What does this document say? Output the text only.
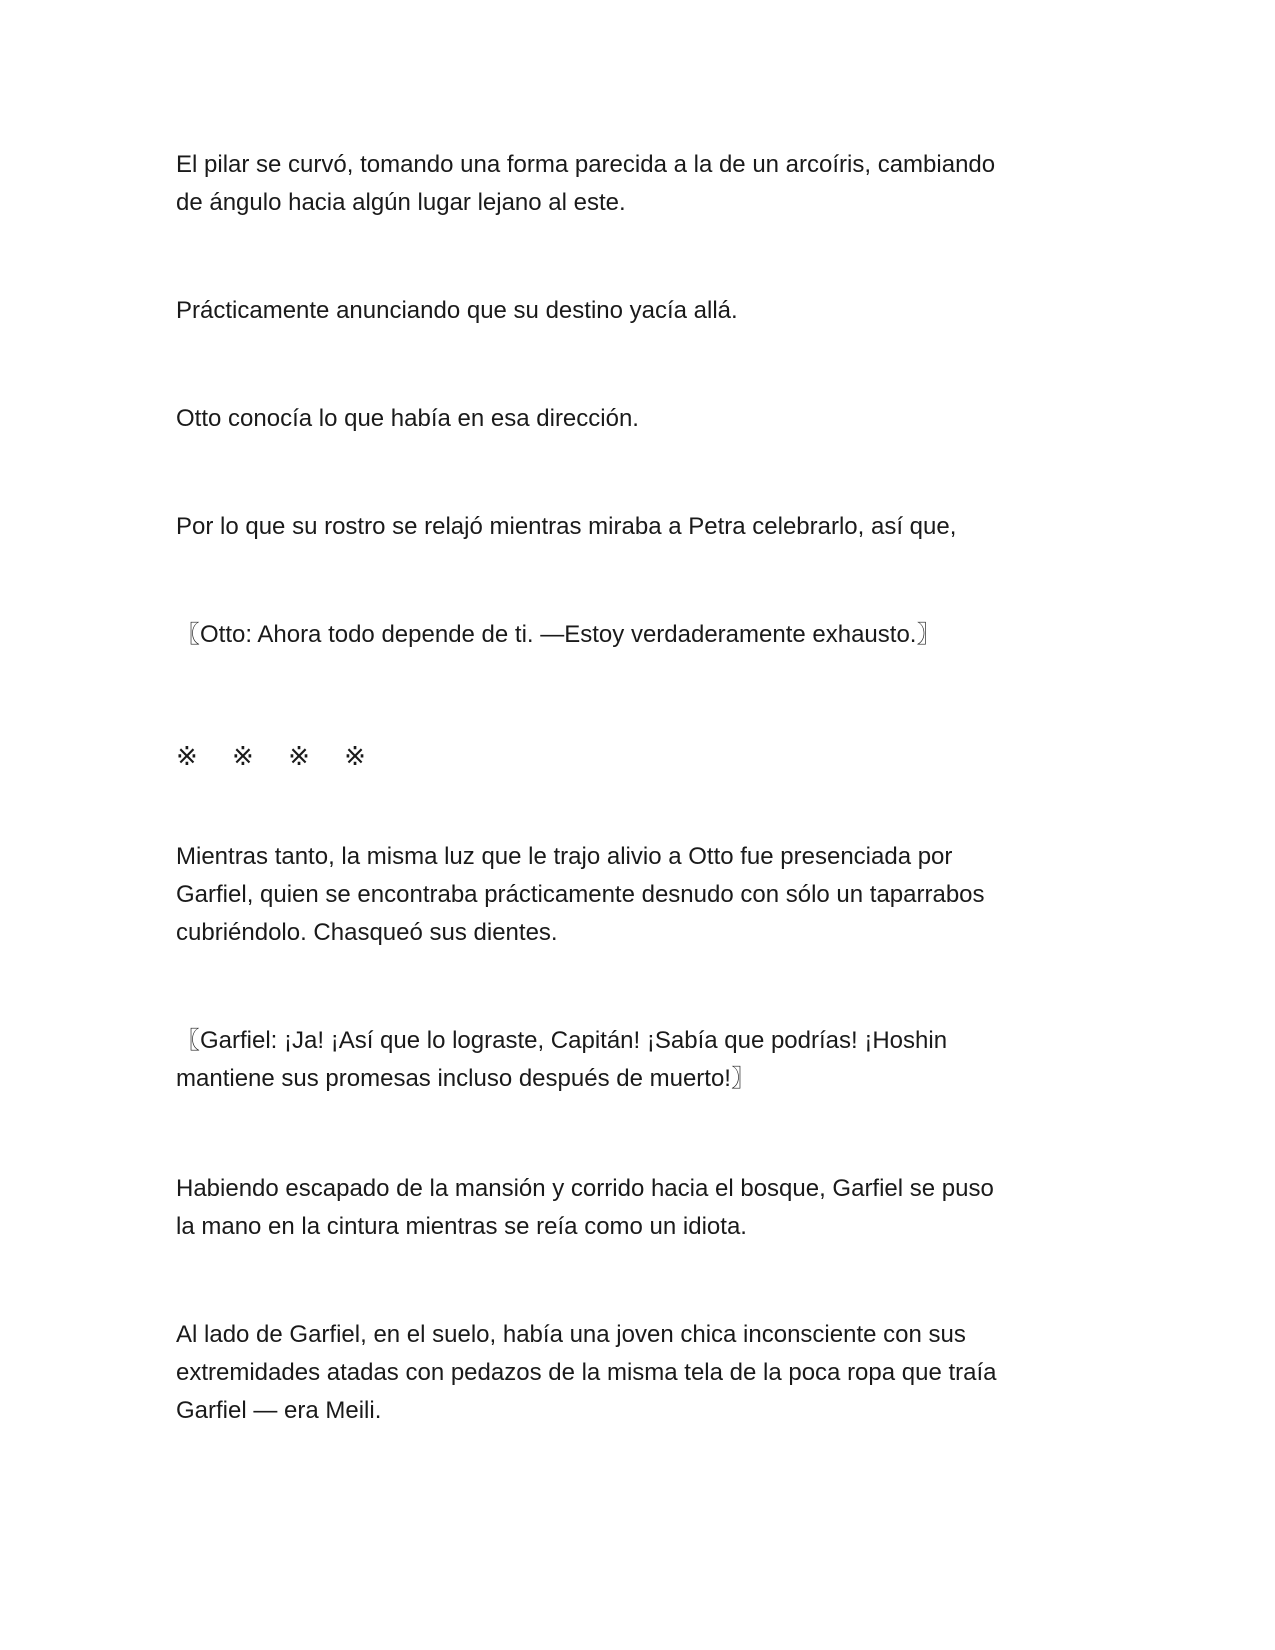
El pilar se curvó, tomando una forma parecida a la de un arcoíris, cambiando
de ángulo hacia algún lugar lejano al este.

Prácticamente anunciando que su destino yacía allá.

Otto conocía lo que había en esa dirección.

Por lo que su rostro se relajó mientras miraba a Petra celebrarlo, así que,

〖Otto: Ahora todo depende de ti. —Estoy verdaderamente exhausto.〗

※ ※ ※ ※

Mientras tanto, la misma luz que le trajo alivio a Otto fue presenciada por
Garfiel, quien se encontraba prácticamente desnudo con sólo un taparrabos
cubriéndolo. Chasqueó sus dientes.

〖Garfiel: ¡Ja! ¡Así que lo lograste, Capitán! ¡Sabía que podrías! ¡Hoshin
mantiene sus promesas incluso después de muerto!〗

Habiendo escapado de la mansión y corrido hacia el bosque, Garfiel se puso
la mano en la cintura mientras se reía como un idiota.

Al lado de Garfiel, en el suelo, había una joven chica inconsciente con sus
extremidades atadas con pedazos de la misma tela de la poca ropa que traía
Garfiel — era Meili.
